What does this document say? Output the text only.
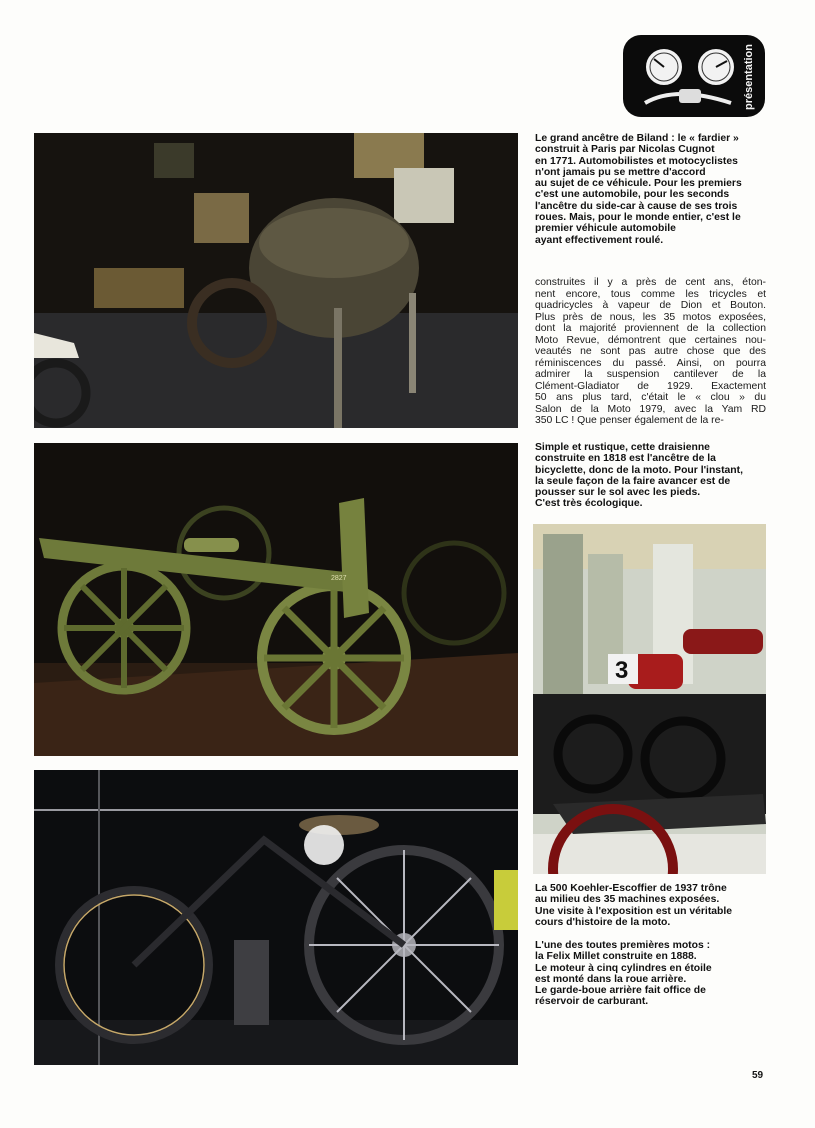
présentation
2827
3
Le grand ancêtre de Biland : le « fardier »
construit à Paris par Nicolas Cugnot
en 1771. Automobilistes et motocyclistes
n'ont jamais pu se mettre d'accord
au sujet de ce véhicule. Pour les premiers
c'est une automobile, pour les seconds
l'ancêtre du side-car à cause de ses trois
roues. Mais, pour le monde entier, c'est le
premier véhicule automobile
ayant effectivement roulé.
construites il y a près de cent ans, éton-
nent encore, tous comme les tricycles et
quadricycles à vapeur de Dion et Bouton.
Plus près de nous, les 35 motos exposées,
dont la majorité proviennent de la collection
Moto Revue, démontrent que certaines nou-
veautés ne sont pas autre chose que des
réminiscences du passé. Ainsi, on pourra
admirer la suspension cantilever de la
Clément-Gladiator de 1929. Exactement
50 ans plus tard, c'était le « clou » du
Salon de la Moto 1979, avec la Yam RD
350 LC ! Que penser également de la re-
Simple et rustique, cette draisienne
construite en 1818 est l'ancêtre de la
bicyclette, donc de la moto. Pour l'instant,
la seule façon de la faire avancer est de
pousser sur le sol avec les pieds.
C'est très écologique.
La 500 Koehler-Escoffier de 1937 trône
au milieu des 35 machines exposées.
Une visite à l'exposition est un véritable
cours d'histoire de la moto.
L'une des toutes premières motos :
la Felix Millet construite en 1888.
Le moteur à cinq cylindres en étoile
est monté dans la roue arrière.
Le garde-boue arrière fait office de
réservoir de carburant.
59
